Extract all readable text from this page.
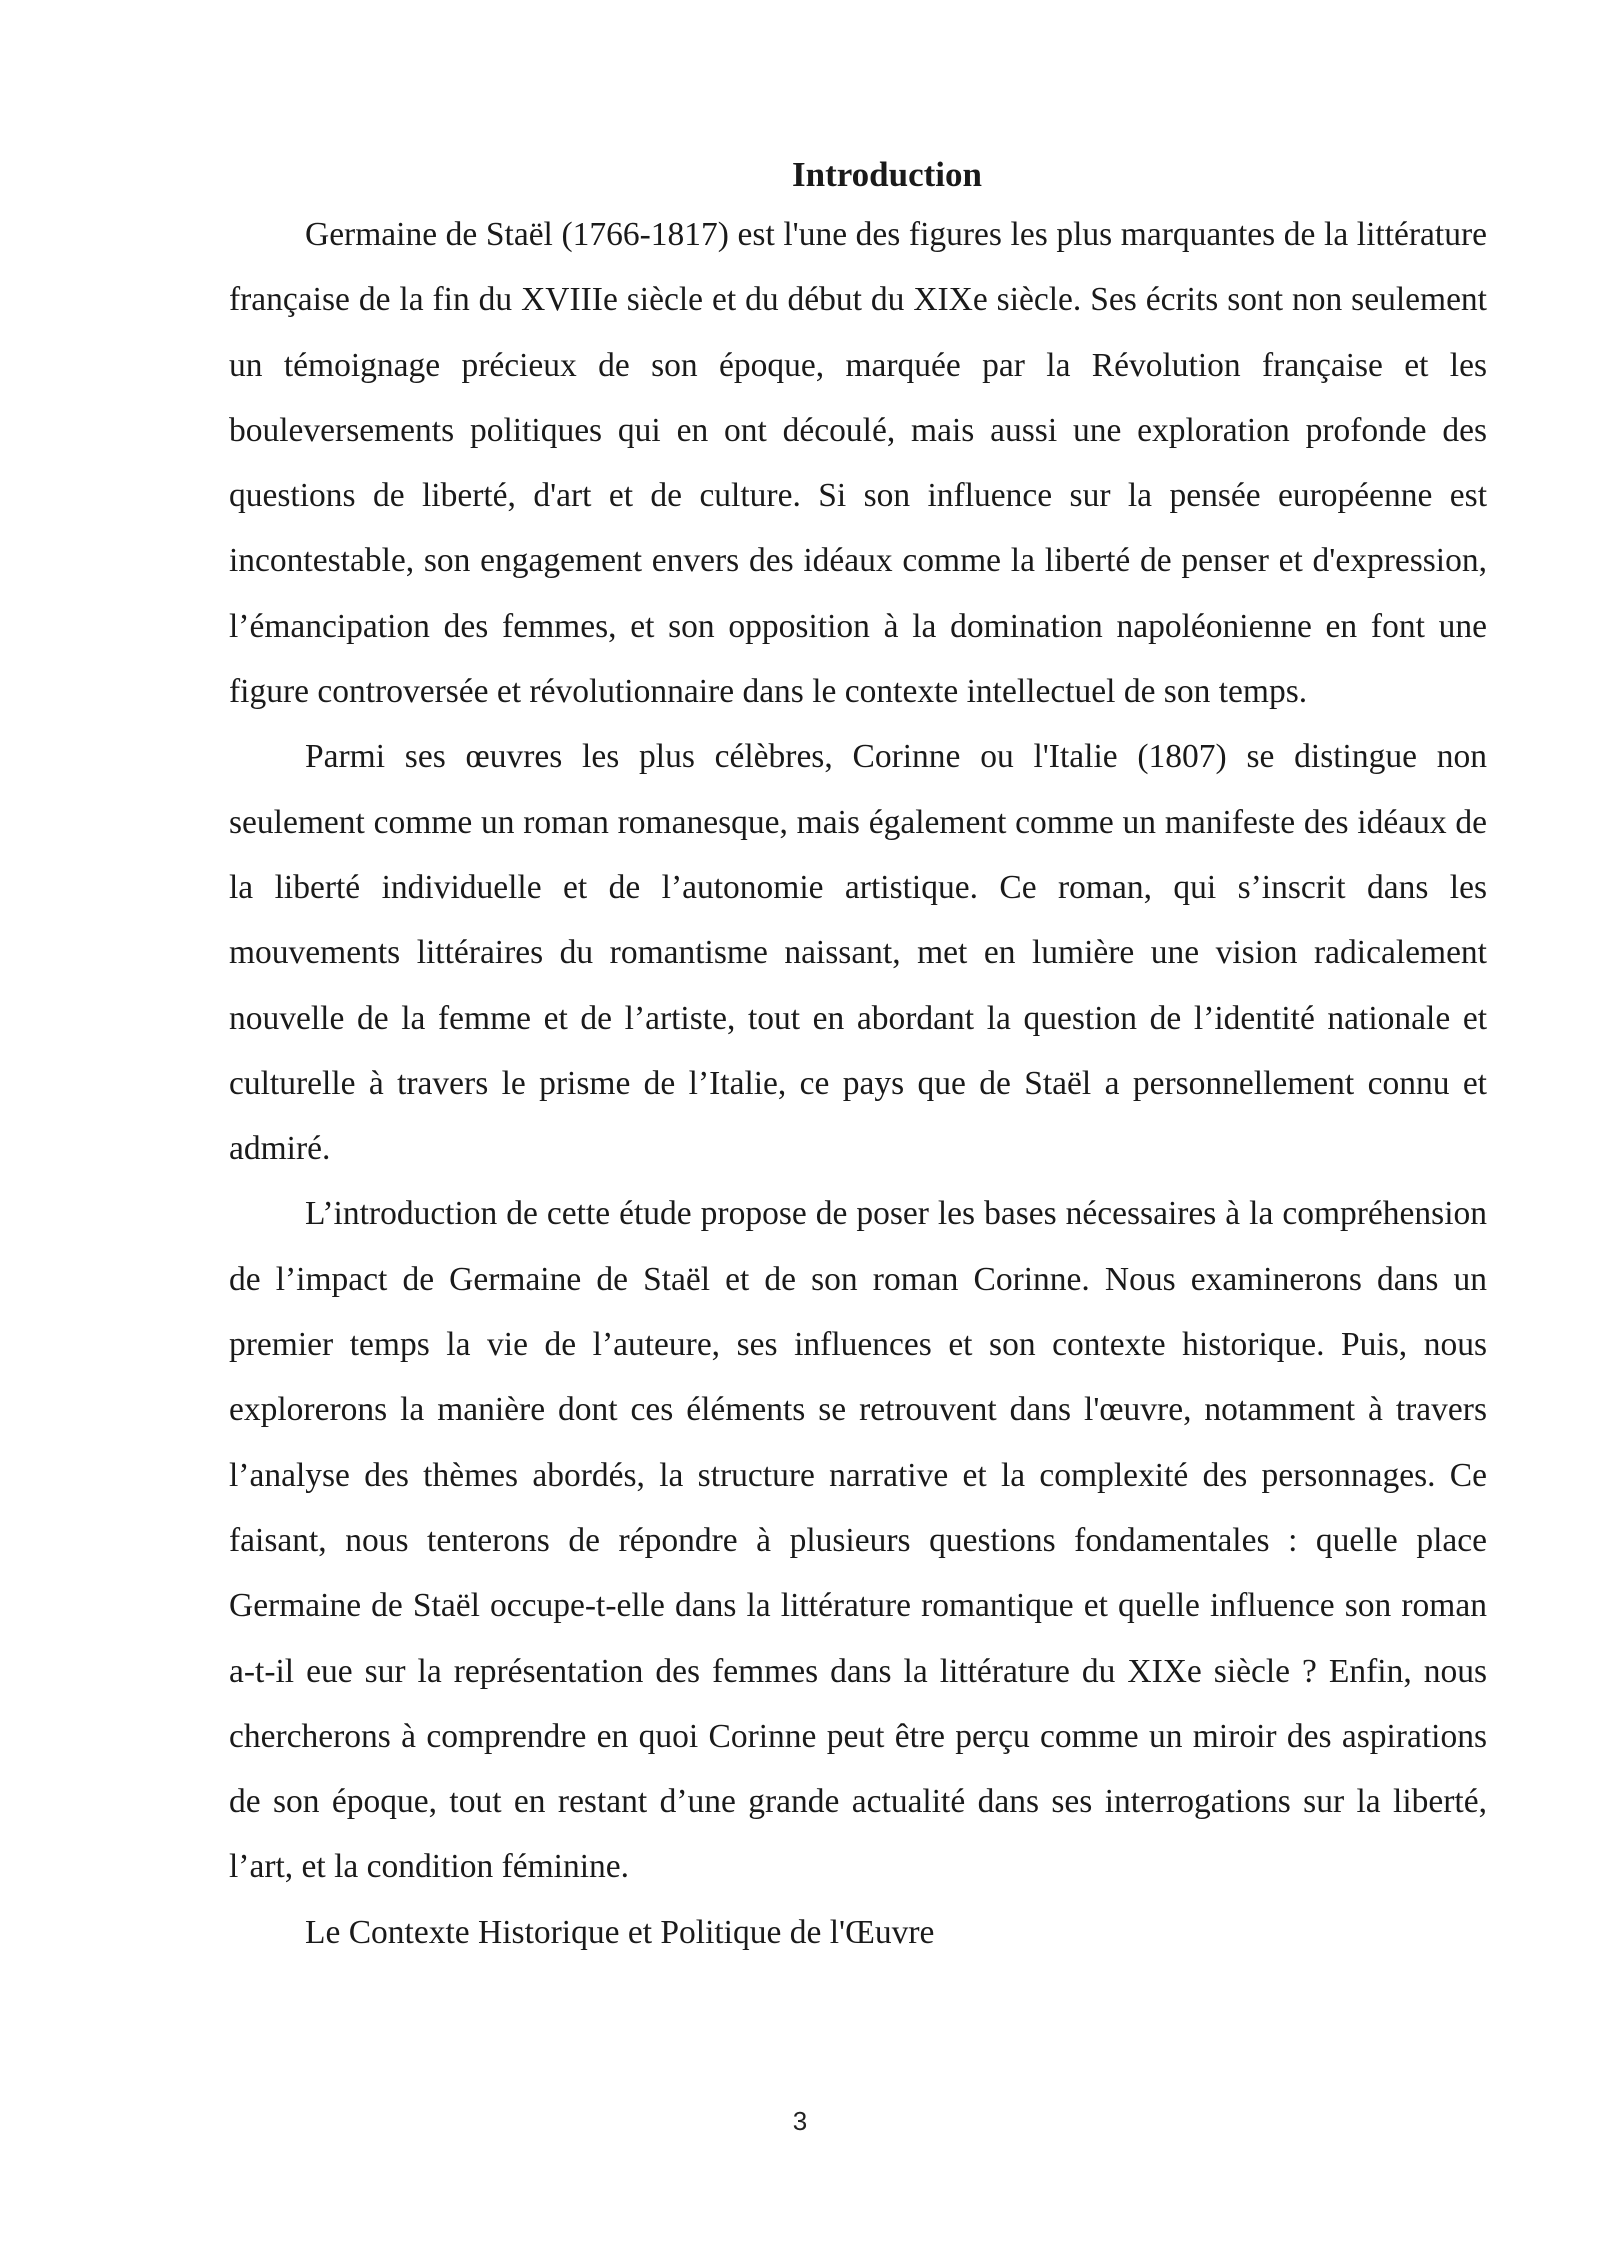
Introduction

Germaine de Staël (1766-1817) est l'une des figures les plus marquantes de la littérature française de la fin du XVIIIe siècle et du début du XIXe siècle. Ses écrits sont non seulement un témoignage précieux de son époque, marquée par la Révolution française et les bouleversements politiques qui en ont découlé, mais aussi une exploration profonde des questions de liberté, d'art et de culture. Si son influence sur la pensée européenne est incontestable, son engagement envers des idéaux comme la liberté de penser et d'expression, l’émancipation des femmes, et son opposition à la domination napoléonienne en font une figure controversée et révolutionnaire dans le contexte intellectuel de son temps.

Parmi ses œuvres les plus célèbres, Corinne ou l'Italie (1807) se distingue non seulement comme un roman romanesque, mais également comme un manifeste des idéaux de la liberté individuelle et de l’autonomie artistique. Ce roman, qui s’inscrit dans les mouvements littéraires du romantisme naissant, met en lumière une vision radicalement nouvelle de la femme et de l’artiste, tout en abordant la question de l’identité nationale et culturelle à travers le prisme de l’Italie, ce pays que de Staël a personnellement connu et admiré.

L’introduction de cette étude propose de poser les bases nécessaires à la compréhension de l’impact de Germaine de Staël et de son roman Corinne. Nous examinerons dans un premier temps la vie de l’auteure, ses influences et son contexte historique. Puis, nous explorerons la manière dont ces éléments se retrouvent dans l'œuvre, notamment à travers l’analyse des thèmes abordés, la structure narrative et la complexité des personnages. Ce faisant, nous tenterons de répondre à plusieurs questions fondamentales : quelle place Germaine de Staël occupe-t-elle dans la littérature romantique et quelle influence son roman a-t-il eue sur la représentation des femmes dans la littérature du XIXe siècle ? Enfin, nous chercherons à comprendre en quoi Corinne peut être perçu comme un miroir des aspirations de son époque, tout en restant d’une grande actualité dans ses interrogations sur la liberté, l’art, et la condition féminine.

Le Contexte Historique et Politique de l'Œuvre

3
